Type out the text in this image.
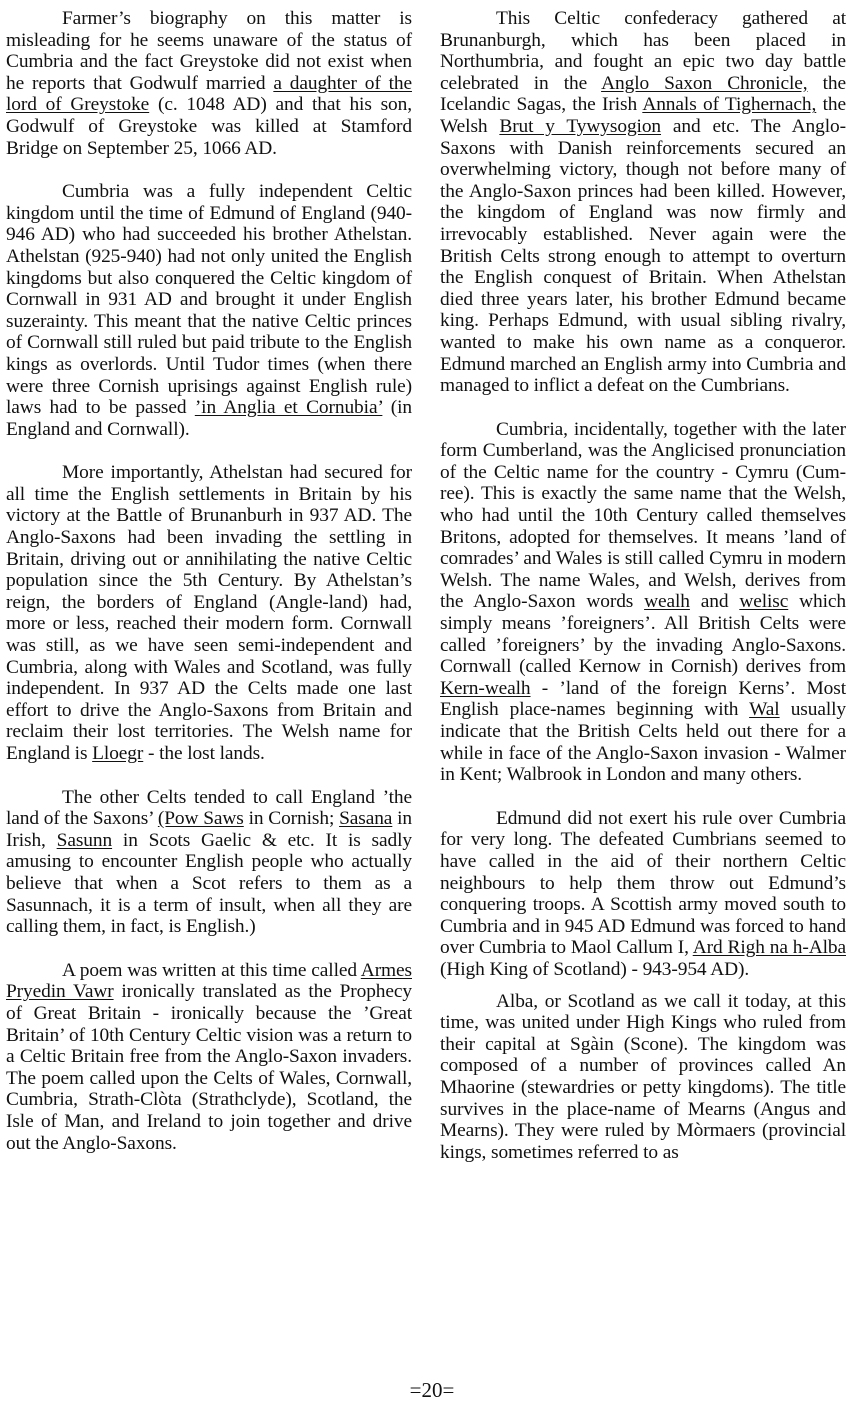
Farmer’s biography on this matter is misleading for he seems unaware of the status of Cumbria and the fact Greystoke did not exist when he reports that Godwulf married a daughter of the lord of Greystoke (c. 1048 AD) and that his son, Godwulf of Greystoke was killed at Stamford Bridge on September 25, 1066 AD.

Cumbria was a fully independent Celtic kingdom until the time of Edmund of England (940-946 AD) who had succeeded his brother Athelstan. Athelstan (925-940) had not only united the English kingdoms but also conquered the Celtic kingdom of Cornwall in 931 AD and brought it under English suzerainty. This meant that the native Celtic princes of Cornwall still ruled but paid tribute to the English kings as overlords. Until Tudor times (when there were three Cornish uprisings against English rule) laws had to be passed ’in Anglia et Cornubia’ (in England and Cornwall).

More importantly, Athelstan had secured for all time the English settlements in Britain by his victory at the Battle of Brunanburh in 937 AD. The Anglo-Saxons had been invading the settling in Britain, driving out or annihilating the native Celtic population since the 5th Century. By Athelstan’s reign, the borders of England (Angle-land) had, more or less, reached their modern form. Cornwall was still, as we have seen semi-independent and Cumbria, along with Wales and Scotland, was fully independent. In 937 AD the Celts made one last effort to drive the Anglo-Saxons from Britain and reclaim their lost territories. The Welsh name for England is Lloegr - the lost lands.

The other Celts tended to call England ’the land of the Saxons’ (Pow Saws in Cornish; Sasana in Irish, Sasunn in Scots Gaelic & etc. It is sadly amusing to encounter English people who actually believe that when a Scot refers to them as a Sasunnach, it is a term of insult, when all they are calling them, in fact, is English.)

A poem was written at this time called Armes Pryedin Vawr ironically translated as the Prophecy of Great Britain - ironically because the ’Great Britain’ of 10th Century Celtic vision was a return to a Celtic Britain free from the Anglo-Saxon invaders. The poem called upon the Celts of Wales, Cornwall, Cumbria, Strath-Clòta (Strathclyde), Scotland, the Isle of Man, and Ireland to join together and drive out the Anglo-Saxons.

This Celtic confederacy gathered at Brunanburgh, which has been placed in Northumbria, and fought an epic two day battle celebrated in the Anglo Saxon Chronicle, the Icelandic Sagas, the Irish Annals of Tighernach, the Welsh Brut y Tywysogion and etc. The Anglo-Saxons with Danish reinforcements secured an overwhelming victory, though not before many of the Anglo-Saxon princes had been killed. However, the kingdom of England was now firmly and irrevocably established. Never again were the British Celts strong enough to attempt to overturn the English conquest of Britain. When Athelstan died three years later, his brother Edmund became king. Perhaps Edmund, with usual sibling rivalry, wanted to make his own name as a conqueror. Edmund marched an English army into Cumbria and managed to inflict a defeat on the Cumbrians.

Cumbria, incidentally, together with the later form Cumberland, was the Anglicised pronunciation of the Celtic name for the country - Cymru (Cum-ree). This is exactly the same name that the Welsh, who had until the 10th Century called themselves Britons, adopted for themselves. It means ’land of comrades’ and Wales is still called Cymru in modern Welsh. The name Wales, and Welsh, derives from the Anglo-Saxon words wealh and welisc which simply means ’foreigners’. All British Celts were called ’foreigners’ by the invading Anglo-Saxons. Cornwall (called Kernow in Cornish) derives from Kern-wealh - ’land of the foreign Kerns’. Most English place-names beginning with Wal usually indicate that the British Celts held out there for a while in face of the Anglo-Saxon invasion - Walmer in Kent; Walbrook in London and many others.

Edmund did not exert his rule over Cumbria for very long. The defeated Cumbrians seemed to have called in the aid of their northern Celtic neighbours to help them throw out Edmund’s conquering troops. A Scottish army moved south to Cumbria and in 945 AD Edmund was forced to hand over Cumbria to Maol Callum I, Ard Righ na h-Alba (High King of Scotland) - 943-954 AD).

Alba, or Scotland as we call it today, at this time, was united under High Kings who ruled from their capital at Sgàin (Scone). The kingdom was composed of a number of provinces called An Mhaorine (stewardries or petty kingdoms). The title survives in the place-name of Mearns (Angus and Mearns). They were ruled by Mòrmaers (provincial kings, sometimes referred to as

=20=
